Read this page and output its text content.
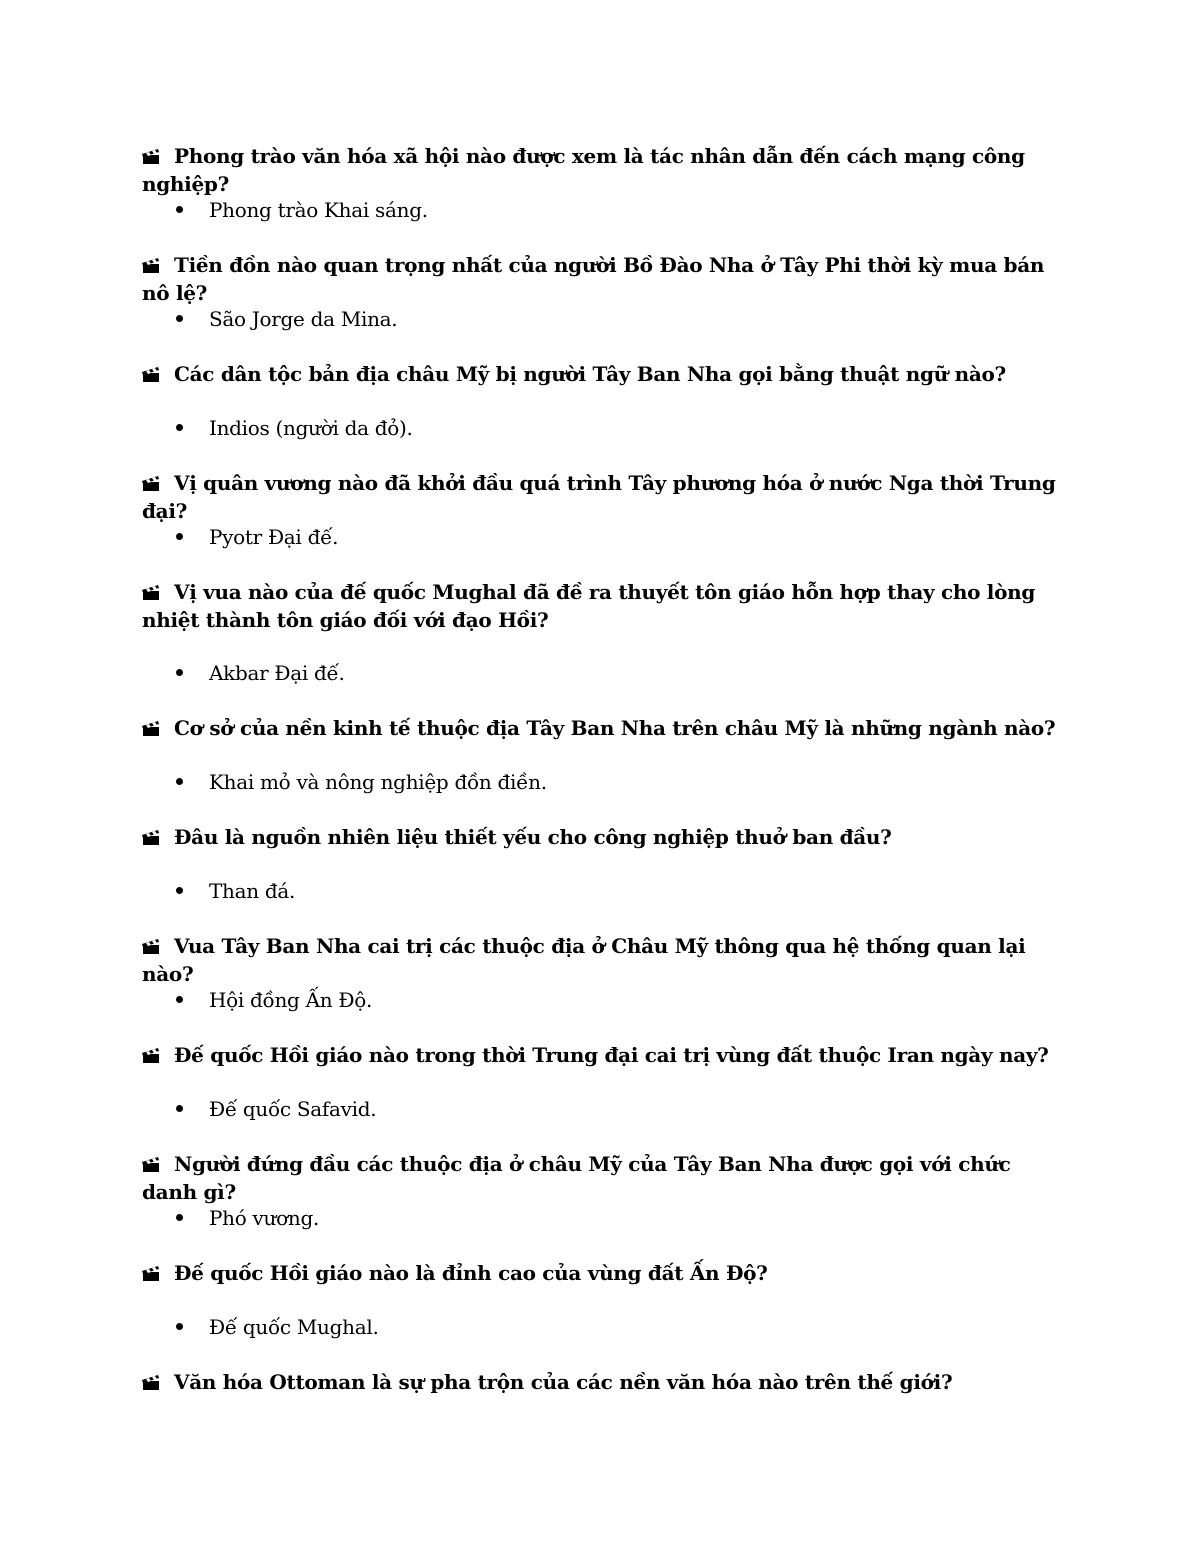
Phong trào văn hóa xã hội nào được xem là tác nhân dẫn đến cách mạng công nghiệp?
Phong trào Khai sáng.
Tiền đồn nào quan trọng nhất của người Bồ Đào Nha ở Tây Phi thời kỳ mua bán nô lệ?
São Jorge da Mina.
Các dân tộc bản địa châu Mỹ bị người Tây Ban Nha gọi bằng thuật ngữ nào?
Indios (người da đỏ).
Vị quân vương nào đã khởi đầu quá trình Tây phương hóa ở nước Nga thời Trung đại?
Pyotr Đại đế.
Vị vua nào của đế quốc Mughal đã đề ra thuyết tôn giáo hỗn hợp thay cho lòng nhiệt thành tôn giáo đối với đạo Hồi?
Akbar Đại đế.
Cơ sở của nền kinh tế thuộc địa Tây Ban Nha trên châu Mỹ là những ngành nào?
Khai mỏ và nông nghiệp đồn điền.
Đâu là nguồn nhiên liệu thiết yếu cho công nghiệp thuở ban đầu?
Than đá.
Vua Tây Ban Nha cai trị các thuộc địa ở Châu Mỹ thông qua hệ thống quan lại nào?
Hội đồng Ấn Độ.
Đế quốc Hồi giáo nào trong thời Trung đại cai trị vùng đất thuộc Iran ngày nay?
Đế quốc Safavid.
Người đứng đầu các thuộc địa ở châu Mỹ của Tây Ban Nha được gọi với chức danh gì?
Phó vương.
Đế quốc Hồi giáo nào là đỉnh cao của vùng đất Ấn Độ?
Đế quốc Mughal.
Văn hóa Ottoman là sự pha trộn của các nền văn hóa nào trên thế giới?
